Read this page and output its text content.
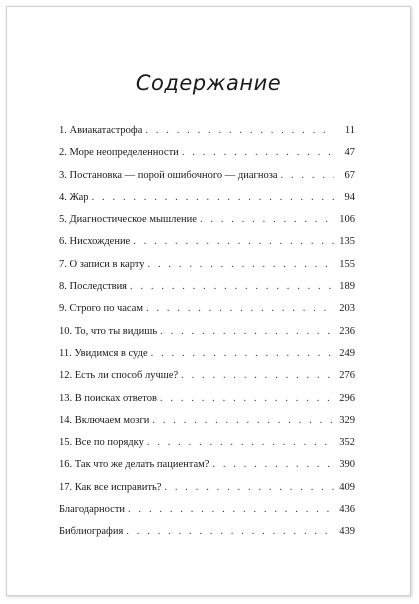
Содержание
1. Авиакатастрофа . . .	11
2. Море неопределенности . . .	47
3. Постановка — порой ошибочного — диагноза . . .	67
4. Жар . . .	94
5. Диагностическое мышление . . .	106
6. Нисхождение . . .	135
7. О записи в карту . . .	155
8. Последствия . . .	189
9. Строго по часам . . .	203
10. То, что ты видишь . . .	236
11. Увидимся в суде . . .	249
12. Есть ли способ лучше? . . .	276
13. В поисках ответов . . .	296
14. Включаем мозги . . .	329
15. Все по порядку . . .	352
16. Так что же делать пациентам? . . .	390
17. Как все исправить? . . .	409
Благодарности . . .	436
Библиография . . .	439
